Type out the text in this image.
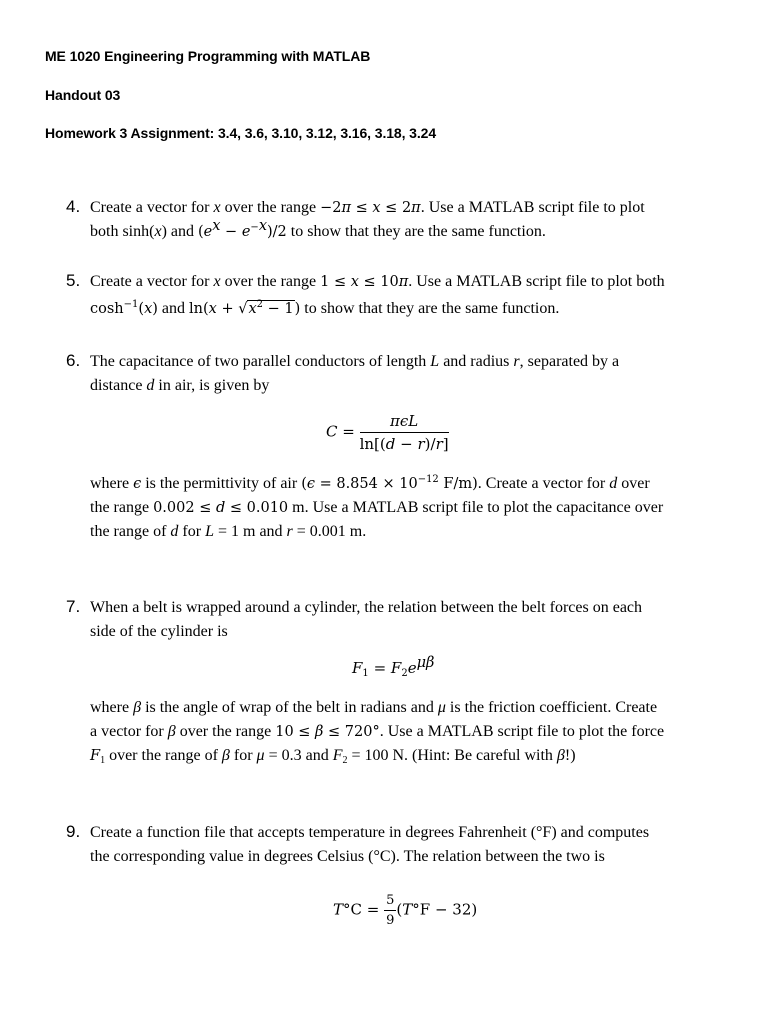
ME 1020 Engineering Programming with MATLAB
Handout 03
Homework 3 Assignment: 3.4, 3.6, 3.10, 3.12, 3.16, 3.18, 3.24
4. Create a vector for x over the range −2π ≤ x ≤ 2π. Use a MATLAB script file to plot
both sinh(x) and $(e^x - e^{-x})/2$ to show that they are the same function.
5. Create a vector for x over the range 1 ≤ x ≤ 10π. Use a MATLAB script file to plot both
$\cosh^{-1}(x)$ and $\ln(x + √x^2 - 1)$ to show that they are the same function.
6. The capacitance of two parallel conductors of length L and radius r, separated by a
distance d in air, is given by
$C = \frac{\text{πϵL}}{\ln[(d - r)/r]}$
where ϵ is the permittivity of air ($\epsilon = 8.854 \times 10^{-12}$ F/m). Create a vector for d over
the range 0.002 ≤ d ≤ 0.010 m. Use a MATLAB script file to plot the capacitance over
the range of d for L = 1 m and r = 0.001 m.
7. When a belt is wrapped around a cylinder, the relation between the belt forces on each
side of the cylinder is
$F_1 = F_2e^{\mu\beta}$
where β is the angle of wrap of the belt in radians and μ is the friction coefficient. Create
a vector for β over the range 10 ≤ β ≤ 720°. Use a MATLAB script file to plot the force
$F_1$ over the range of β for μ = 0.3 and $F_2 = 100$ N. (Hint: Be careful with β!)
9. Create a function file that accepts temperature in degrees Fahrenheit (°F) and computes
the corresponding value in degrees Celsius (°C). The relation between the two is
$T^\circ C = \frac{5}{9} (T^\circ F - 32)$
